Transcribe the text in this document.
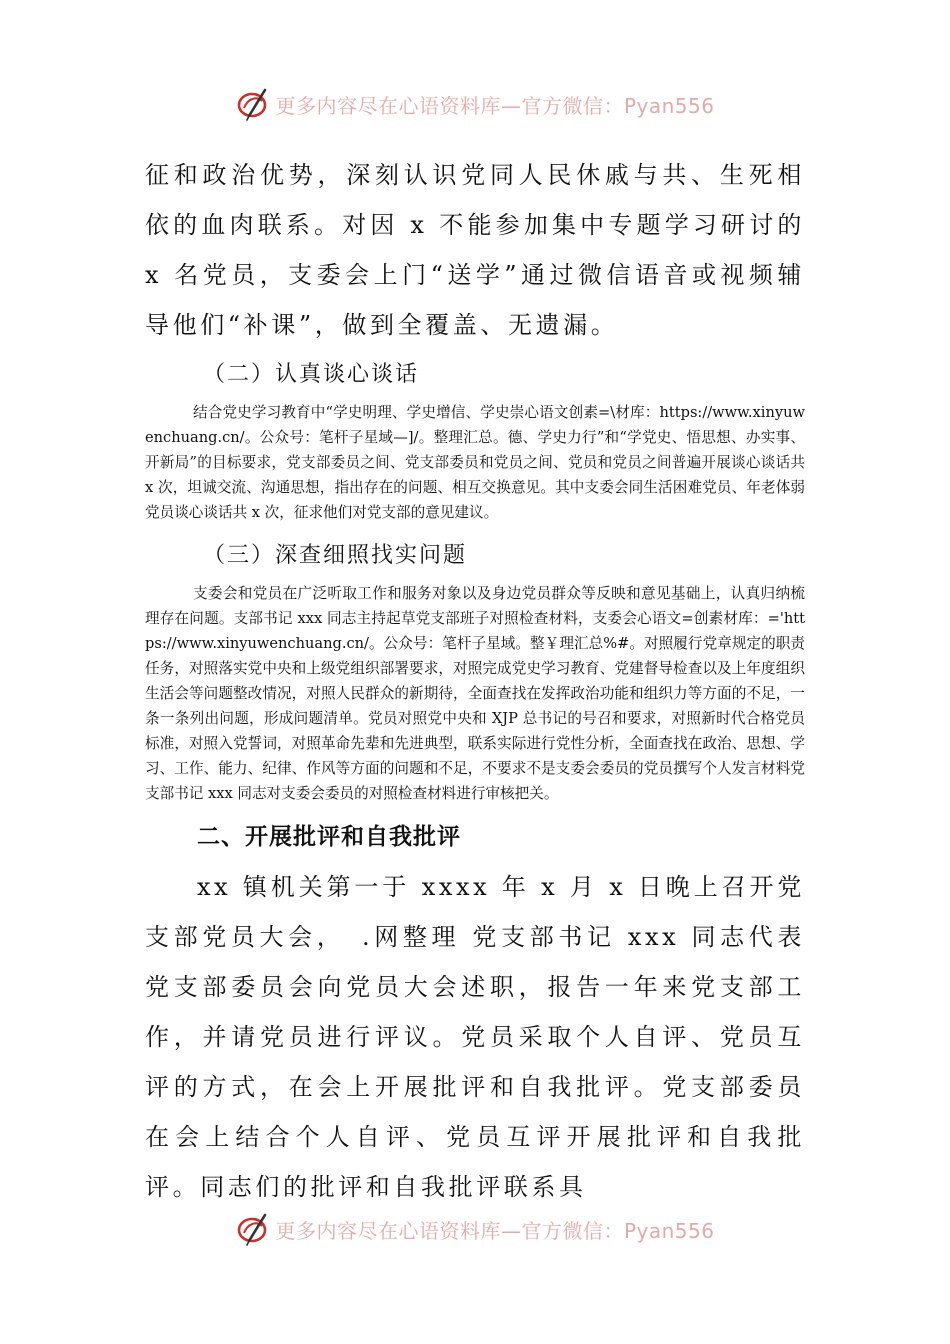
更多内容尽在心语资料库—官方微信：Pyan556

征和政治优势，深刻认识党同人民休戚与共、生死相依的血肉联系。对因 x 不能参加集中专题学习研讨的 x 名党员，支委会上门“送学”通过微信语音或视频辅导他们“补课”，做到全覆盖、无遗漏。

（二）认真谈心谈话

结合党史学习教育中“学史明理、学史增信、学史崇心语文创素=\材库：https://www.xinyuwenchuang.cn/。公众号：笔杆子星域—]/。整理汇总。德、学史力行”和“学党史、悟思想、办实事、开新局”的目标要求，党支部委员之间、党支部委员和党员之间、党员和党员之间普遍开展谈心谈话共 x 次，坦诚交流、沟通思想，指出存在的问题、相互交换意见。其中支委会同生活困难党员、年老体弱党员谈心谈话共 x 次，征求他们对党支部的意见建议。

（三）深查细照找实问题

支委会和党员在广泛听取工作和服务对象以及身边党员群众等反映和意见基础上，认真归纳梳理存在问题。支部书记 xxx 同志主持起草党支部班子对照检查材料，支委会心语文=创素材库：='https://www.xinyuwenchuang.cn/。公众号：笔杆子星域。整￥理汇总%#。对照履行党章规定的职责任务，对照落实党中央和上级党组织部署要求，对照完成党史学习教育、党建督导检查以及上年度组织生活会等问题整改情况，对照人民群众的新期待，全面查找在发挥政治功能和组织力等方面的不足，一条一条列出问题，形成问题清单。党员对照党中央和 XJP 总书记的号召和要求，对照新时代合格党员标准，对照入党誓词，对照革命先辈和先进典型，联系实际进行党性分析，全面查找在政治、思想、学习、工作、能力、纪律、作风等方面的问题和不足，不要求不是支委会委员的党员撰写个人发言材料党支部书记 xxx 同志对支委会委员的对照检查材料进行审核把关。

二、开展批评和自我批评

xx 镇机关第一于 xxxx 年 x 月 x 日晚上召开党支部党员大会，　.网整理 党支部书记 xxx 同志代表党支部委员会向党员大会述职，报告一年来党支部工作，并请党员进行评议。党员采取个人自评、党员互评的方式，在会上开展批评和自我批评。党支部委员在会上结合个人自评、党员互评开展批评和自我批评。同志们的批评和自我批评联系具

更多内容尽在心语资料库—官方微信：Pyan556
